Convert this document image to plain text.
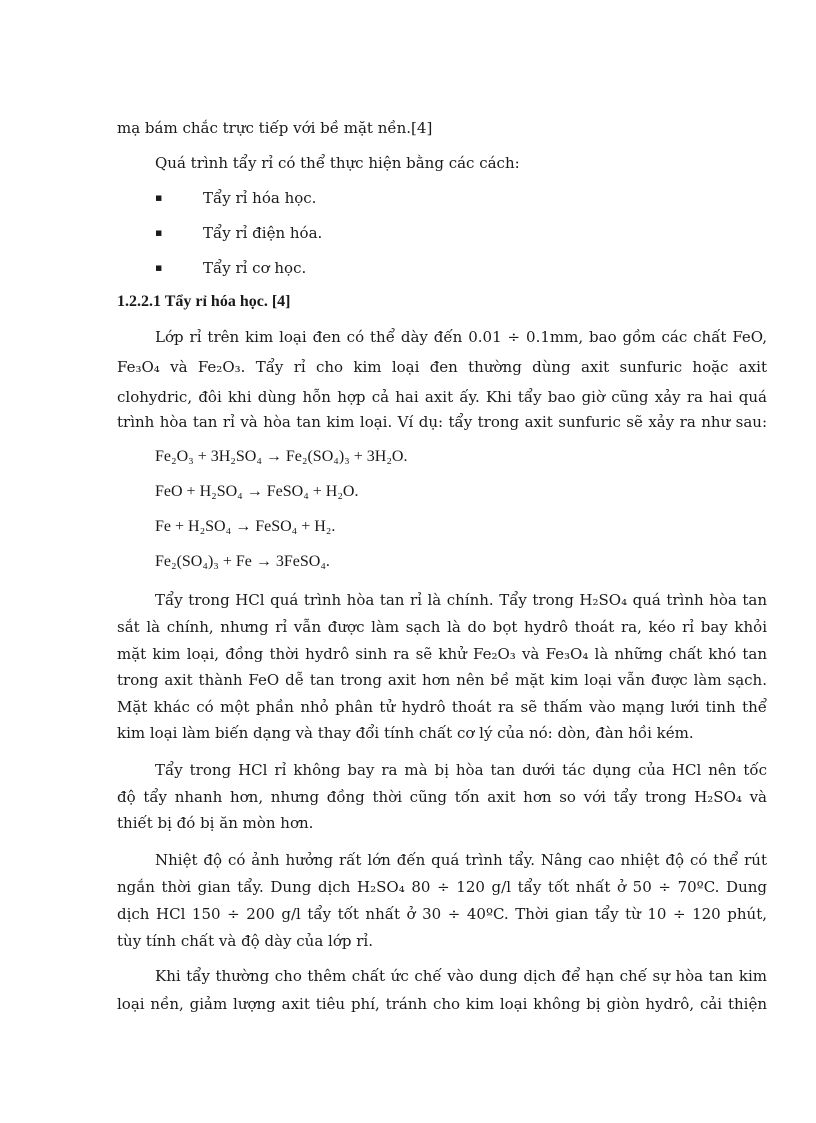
mạ bám chắc trực tiếp với bề mặt nền.[4]
Quá trình tẩy rỉ có thể thực hiện bằng các cách:
▪	Tẩy rỉ hóa học.
▪	Tẩy rỉ điện hóa.
▪	Tẩy rỉ cơ học.
1.2.2.1 Tẩy rỉ hóa học. [4]
Lớp rỉ trên kim loại đen có thể dày đến 0.01 ÷ 0.1mm, bao gồm các chất FeO,
Fe₃O₄ và Fe₂O₃. Tẩy rỉ cho kim loại đen thường dùng axit sunfuric hoặc axit
clohydric, đôi khi dùng hỗn hợp cả hai axit ấy. Khi tẩy bao giờ cũng xảy ra hai quá
trình hòa tan rỉ và hòa tan kim loại. Ví dụ: tẩy trong axit sunfuric sẽ xảy ra như sau:
Fe₂O₃ + 3H₂SO₄ → Fe₂(SO₄)₃ + 3H₂O.
FeO + H₂SO₄ → FeSO₄ + H₂O.
Fe + H₂SO₄ → FeSO₄ + H₂.
Fe₂(SO₄)₃ + Fe → 3FeSO₄.
Tẩy trong HCl quá trình hòa tan rỉ là chính. Tẩy trong H₂SO₄ quá trình hòa tan
sắt là chính, nhưng rỉ vẫn được làm sạch là do bọt hydrô thoát ra, kéo rỉ bay khỏi
mặt kim loại, đồng thời hydrô sinh ra sẽ khử Fe₂O₃ và Fe₃O₄ là những chất khó tan
trong axit thành FeO dễ tan trong axit hơn nên bề mặt kim loại vẫn được làm sạch.
Mặt khác có một phần nhỏ phân tử hydrô thoát ra sẽ thấm vào mạng lưới tinh thể
kim loại làm biến dạng và thay đổi tính chất cơ lý của nó: dòn, đàn hồi kém.
Tẩy trong HCl rỉ không bay ra mà bị hòa tan dưới tác dụng của HCl nên tốc
độ tẩy nhanh hơn, nhưng đồng thời cũng tốn axit hơn so với tẩy trong H₂SO₄ và
thiết bị đó bị ăn mòn hơn.
Nhiệt độ có ảnh hưởng rất lớn đến quá trình tẩy. Nâng cao nhiệt độ có thể rút
ngắn thời gian tẩy. Dung dịch H₂SO₄ 80 ÷ 120 g/l tẩy tốt nhất ở 50 ÷ 70ºC. Dung
dịch HCl 150 ÷ 200 g/l tẩy tốt nhất ở 30 ÷ 40ºC. Thời gian tẩy từ 10 ÷ 120 phút,
tùy tính chất và độ dày của lớp rỉ.
Khi tẩy thường cho thêm chất ức chế vào dung dịch để hạn chế sự hòa tan kim
loại nền, giảm lượng axit tiêu phí, tránh cho kim loại không bị giòn hydrô, cải thiện
